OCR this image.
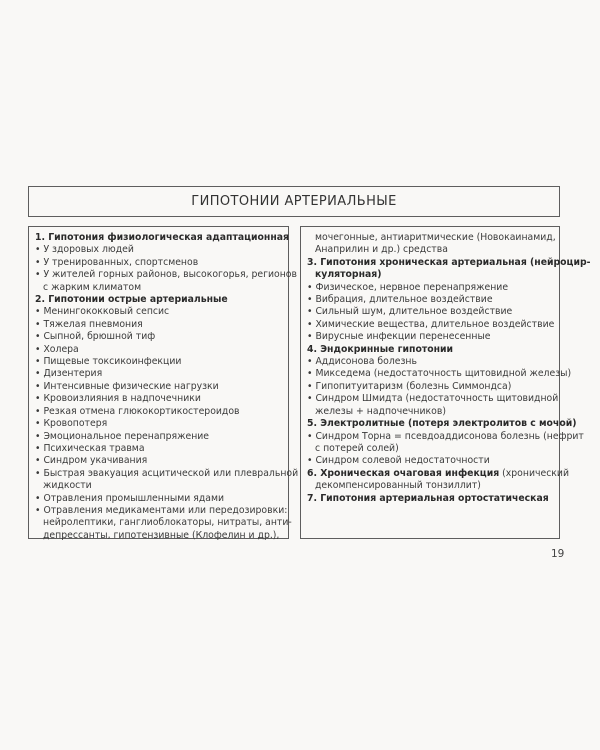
ГИПОТОНИИ АРТЕРИАЛЬНЫЕ
1. Гипотония физиологическая адаптационная
• У здоровых людей
• У тренированных, спортсменов
• У жителей горных районов, высокогорья, регионов
с жарким климатом
2. Гипотонии острые артериальные
• Менингококковый сепсис
• Тяжелая пневмония
• Сыпной, брюшной тиф
• Холера
• Пищевые токсикоинфекции
• Дизентерия
• Интенсивные физические нагрузки
• Кровоизлияния в надпочечники
• Резкая отмена глюкокортикостероидов
• Кровопотеря
• Эмоциональное перенапряжение
• Психическая травма
• Синдром укачивания
• Быстрая эвакуация асцитической или плевральной
жидкости
• Отравления промышленными ядами
• Отравления медикаментами или передозировки:
нейролептики, ганглиоблокаторы, нитраты, анти-
депрессанты, гипотензивные (Клофелин и др.),
мочегонные, антиаритмические (Новокаинамид,
Анаприлин и др.) средства
3. Гипотония хроническая артериальная (нейроцир-
куляторная)
• Физическое, нервное перенапряжение
• Вибрация, длительное воздействие
• Сильный шум, длительное воздействие
• Химические вещества, длительное воздействие
• Вирусные инфекции перенесенные
4. Эндокринные гипотонии
• Аддисонова болезнь
• Микседема (недостаточность щитовидной железы)
• Гипопитуитаризм (болезнь Симмондса)
• Синдром Шмидта (недостаточность щитовидной
железы + надпочечников)
5. Электролитные (потеря электролитов с мочой)
• Синдром Торна = псевдоаддисонова болезнь (нефрит
с потерей солей)
• Синдром солевой недостаточности
6. Хроническая очаговая инфекция (хронический
декомпенсированный тонзиллит)
7. Гипотония артериальная ортостатическая
19
